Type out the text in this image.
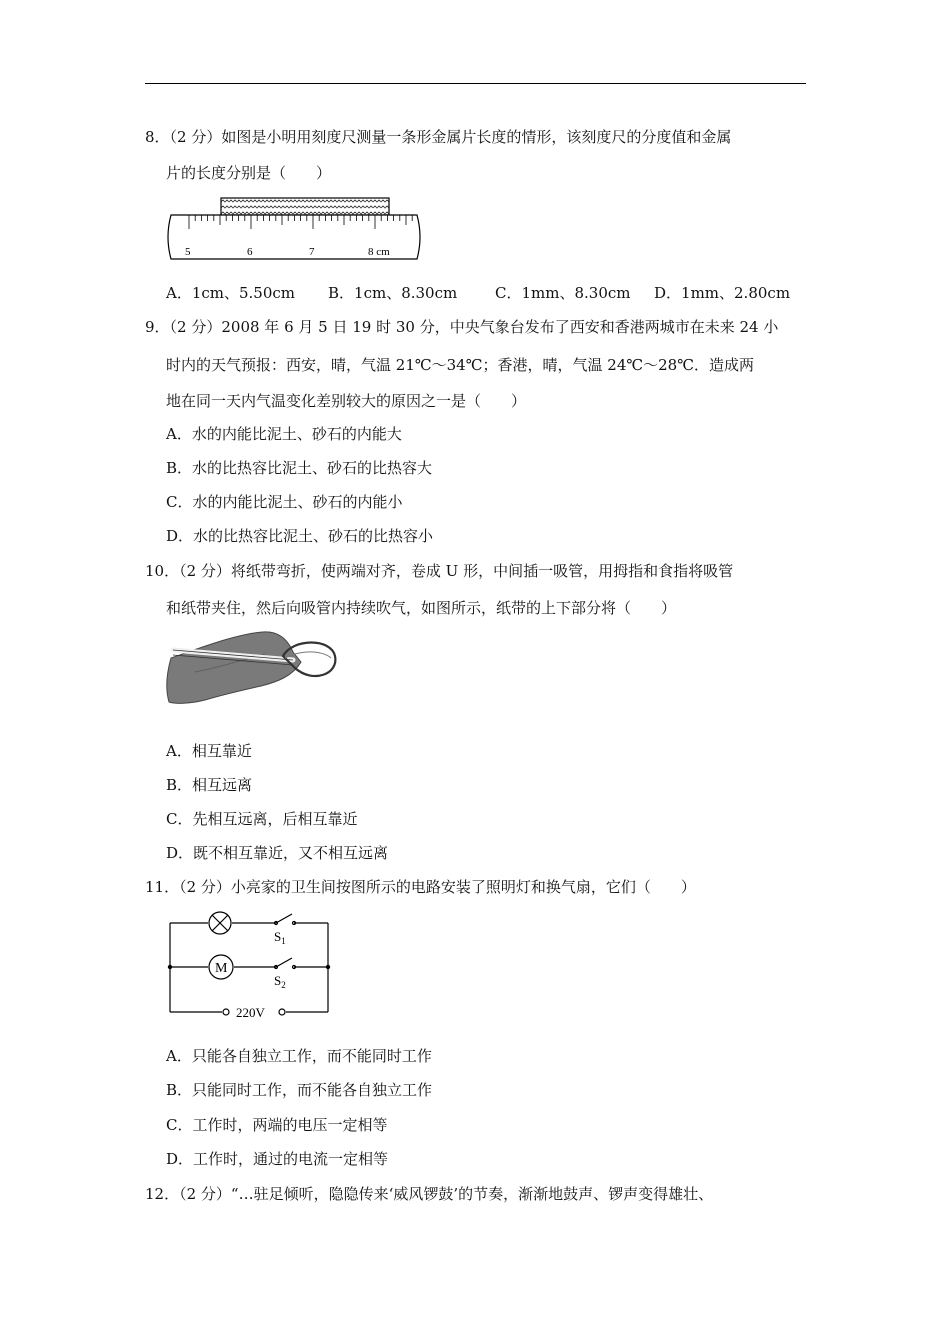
8．（2 分）如图是小明用刻度尺测量一条形金属片长度的情形，该刻度尺的分度值和金属
片的长度分别是（　　）
5	6	7	8 cm
A．1cm、5.50cm B．1cm、8.30cm	C．1mm、8.30cm D．1mm、2.80cm
9．（2 分）2008 年 6 月 5 日 19 时 30 分，中央气象台发布了西安和香港两城市在未来 24 小
时内的天气预报：西安，晴，气温 21℃～34℃；香港，晴，气温 24℃～28℃．造成两
地在同一天内气温变化差别较大的原因之一是（　　）
A．水的内能比泥土、砂石的内能大
B．水的比热容比泥土、砂石的比热容大
C．水的内能比泥土、砂石的内能小
D．水的比热容比泥土、砂石的比热容小
10．（2 分）将纸带弯折，使两端对齐，卷成 U 形，中间插一吸管，用拇指和食指将吸管
和纸带夹住，然后向吸管内持续吹气，如图所示，纸带的上下部分将（　　）
A．相互靠近
B．相互远离
C．先相互远离，后相互靠近
D．既不相互靠近，又不相互远离
11．（2 分）小亮家的卫生间按图所示的电路安装了照明灯和换气扇，它们（　　）
M
$S_1$
$S_2$
220V
A．只能各自独立工作，而不能同时工作
B．只能同时工作，而不能各自独立工作
C．工作时，两端的电压一定相等
D．工作时，通过的电流一定相等
12．（2 分）“…驻足倾听，隐隐传来‘威风锣鼓’的节奏，渐渐地鼓声、锣声变得雄壮、
